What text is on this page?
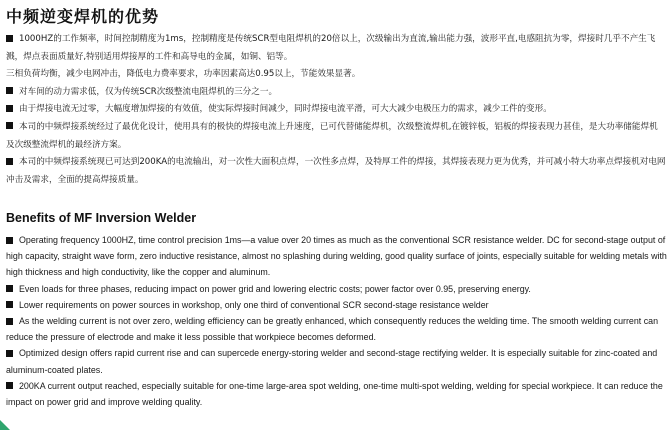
中频逆变焊机的优势

1000HZ的工作频率，时间控制精度为1ms，控制精度是传统SCR型电阻焊机的20倍以上，次级输出为直流,输出能力强，波形平直,电感阻抗为零，焊接时几乎不产生飞溅，焊点表面质量好,特别适用焊接厚的工件和高导电的金属，如铜、铝等。

三相负荷均衡，减少电网冲击，降低电力费率要求，功率因素高达0.95以上，节能效果显著。

对车间的动力需求低，仅为传统SCR次级整流电阻焊机的三分之一。

由于焊接电流无过零，大幅度增加焊接的有效值，使实际焊接时间减少，同时焊接电流平滑，可大大减少电极压力的需求，减少工件的变形。

本司的中频焊接系统经过了最优化设计，使用具有的极快的焊接电流上升速度，已可代替储能焊机，次级整流焊机,在镀锌板，铝板的焊接表现力甚佳，是大功率储能焊机及次级整流焊机的最经济方案。

本司的中频焊接系统现已可达到200KA的电流输出，对一次性大面积点焊，一次性多点焊，及特厚工件的焊接，其焊接表现力更为优秀，并可减小特大功率点焊接机对电网冲击及需求，全面的提高焊接质量。

Benefits of MF Inversion Welder

Operating frequency 1000HZ, time control precision 1ms—a value over 20 times as much as the conventional SCR resistance welder. DC for second-stage output of high capacity, straight wave form, zero inductive resistance, almost no splashing during welding, good quality surface of joints, especially suitable for welding metals with high thickness and high conductivity, like the copper and aluminum.

Even loads for three phases, reducing impact on power grid and lowering electric costs; power factor over 0.95, preserving energy.

Lower requirements on power sources in workshop, only one third of conventional SCR second-stage resistance welder

As the welding current is not over zero, welding efficiency can be greatly enhanced, which consequently reduces the welding time. The smooth welding current can reduce the pressure of electrode and make it less possible that workpiece becomes deformed.

Optimized design offers rapid current rise and can supercede energy-storing welder and second-stage rectifying welder. It is especially suitable for zinc-coated and aluminum-coated plates.

200KA current output reached, especially suitable for one-time large-area spot welding, one-time multi-spot welding, welding for special workpiece. It can reduce the impact on power grid and improve welding quality.
